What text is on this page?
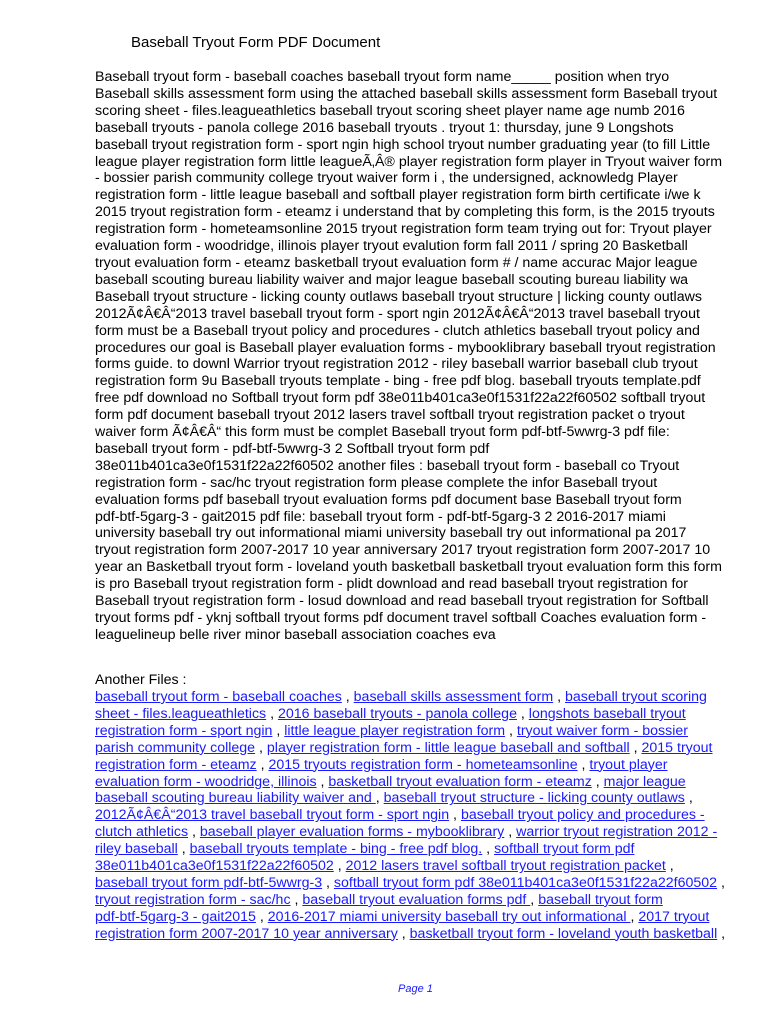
Baseball Tryout Form PDF Document
Baseball tryout form - baseball coaches baseball tryout form name_____ position when tryo
Baseball skills assessment form using the attached baseball skills assessment form Baseball tryout
scoring sheet - files.leagueathletics baseball tryout scoring sheet player name age numb 2016
baseball tryouts - panola college 2016 baseball tryouts . tryout 1: thursday, june 9 Longshots
baseball tryout registration form - sport ngin high school tryout number graduating year (to fill Little
league player registration form little leagueÃ‚Â® player registration form player in Tryout waiver form
- bossier parish community college tryout waiver form i , the undersigned, acknowledg Player
registration form - little league baseball and softball player registration form birth certificate i/we k
2015 tryout registration form - eteamz i understand that by completing this form, is the 2015 tryouts
registration form - hometeamsonline 2015 tryout registration form team trying out for: Tryout player
evaluation form - woodridge, illinois player tryout evalution form fall 2011 / spring 20 Basketball
tryout evaluation form - eteamz basketball tryout evaluation form # / name accurac Major league
baseball scouting bureau liability waiver and major league baseball scouting bureau liability wa
Baseball tryout structure - licking county outlaws baseball tryout structure | licking county outlaws
2012Ã¢Â€Â“2013 travel baseball tryout form - sport ngin 2012Ã¢Â€Â“2013 travel baseball tryout
form must be a Baseball tryout policy and procedures - clutch athletics baseball tryout policy and
procedures our goal is Baseball player evaluation forms - mybooklibrary baseball tryout registration
forms guide. to downl Warrior tryout registration 2012 - riley baseball warrior baseball club tryout
registration form 9u Baseball tryouts template - bing - free pdf blog. baseball tryouts template.pdf
free pdf download no Softball tryout form pdf 38e011b401ca3e0f1531f22a22f60502 softball tryout
form pdf document baseball tryout 2012 lasers travel softball tryout registration packet o tryout
waiver form Ã¢Â€Â“ this form must be complet Baseball tryout form pdf-btf-5wwrg-3 pdf file:
baseball tryout form - pdf-btf-5wwrg-3 2 Softball tryout form pdf
38e011b401ca3e0f1531f22a22f60502 another files : baseball tryout form - baseball co Tryout
registration form - sac/hc tryout registration form please complete the infor Baseball tryout
evaluation forms pdf baseball tryout evaluation forms pdf document base Baseball tryout form
pdf-btf-5garg-3 - gait2015 pdf file: baseball tryout form - pdf-btf-5garg-3 2 2016-2017 miami
university baseball try out informational miami university baseball try out informational pa 2017
tryout registration form 2007-2017 10 year anniversary 2017 tryout registration form 2007-2017 10
year an Basketball tryout form - loveland youth basketball basketball tryout evaluation form this form
is pro Baseball tryout registration form - plidt download and read baseball tryout registration for
Baseball tryout registration form - losud download and read baseball tryout registration for Softball
tryout forms pdf - yknj softball tryout forms pdf document travel softball Coaches evaluation form -
leaguelineup belle river minor baseball association coaches eva
Another Files :
baseball tryout form - baseball coaches , baseball skills assessment form , baseball tryout scoring
sheet - files.leagueathletics , 2016 baseball tryouts - panola college , longshots baseball tryout
registration form - sport ngin , little league player registration form , tryout waiver form - bossier
parish community college , player registration form - little league baseball and softball , 2015 tryout
registration form - eteamz , 2015 tryouts registration form - hometeamsonline , tryout player
evaluation form - woodridge, illinois , basketball tryout evaluation form - eteamz , major league
baseball scouting bureau liability waiver and , baseball tryout structure - licking county outlaws ,
2012Ã¢Â€Â“2013 travel baseball tryout form - sport ngin , baseball tryout policy and procedures -
clutch athletics , baseball player evaluation forms - mybooklibrary , warrior tryout registration 2012 -
riley baseball , baseball tryouts template - bing - free pdf blog. , softball tryout form pdf
38e011b401ca3e0f1531f22a22f60502 , 2012 lasers travel softball tryout registration packet ,
baseball tryout form pdf-btf-5wwrg-3 , softball tryout form pdf 38e011b401ca3e0f1531f22a22f60502 ,
tryout registration form - sac/hc , baseball tryout evaluation forms pdf , baseball tryout form
pdf-btf-5garg-3 - gait2015 , 2016-2017 miami university baseball try out informational , 2017 tryout
registration form 2007-2017 10 year anniversary , basketball tryout form - loveland youth basketball ,
Page 1
